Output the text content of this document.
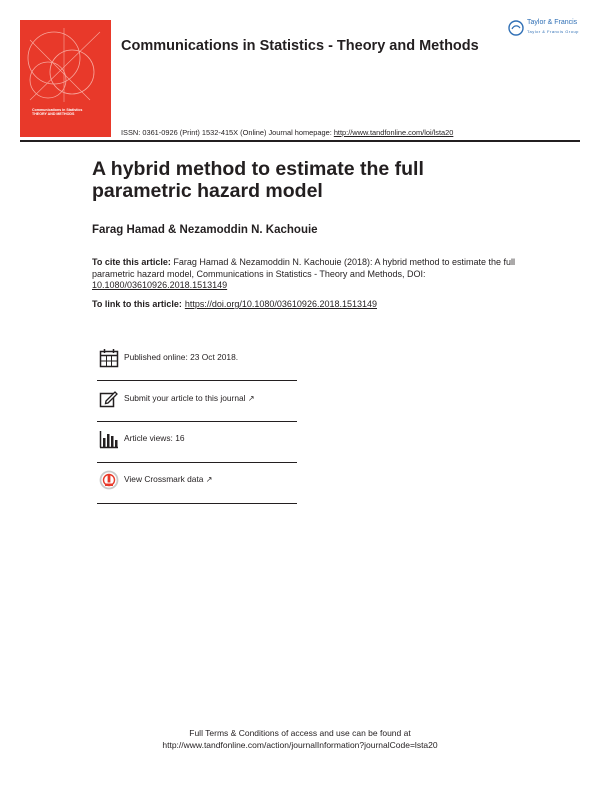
Communications in Statistics
THEORY AND METHODS
Volume 00 Number 00 2018
Communications in Statistics - Theory and Methods
ISSN: 0361-0926 (Print) 1532-415X (Online) Journal homepage: http://www.tandfonline.com/loi/lsta20
Taylor & Francis
Taylor & Francis Group
A hybrid method to estimate the full parametric hazard model
Farag Hamad & Nezamoddin N. Kachouie
To cite this article: Farag Hamad & Nezamoddin N. Kachouie (2018): A hybrid method to estimate the full parametric hazard model, Communications in Statistics - Theory and Methods, DOI: 10.1080/03610926.2018.1513149
To link to this article: https://doi.org/10.1080/03610926.2018.1513149
Published online: 23 Oct 2018.
Submit your article to this journal ↗
Article views: 16
View Crossmark data ↗
Full Terms & Conditions of access and use can be found at
http://www.tandfonline.com/action/journalInformation?journalCode=lsta20
